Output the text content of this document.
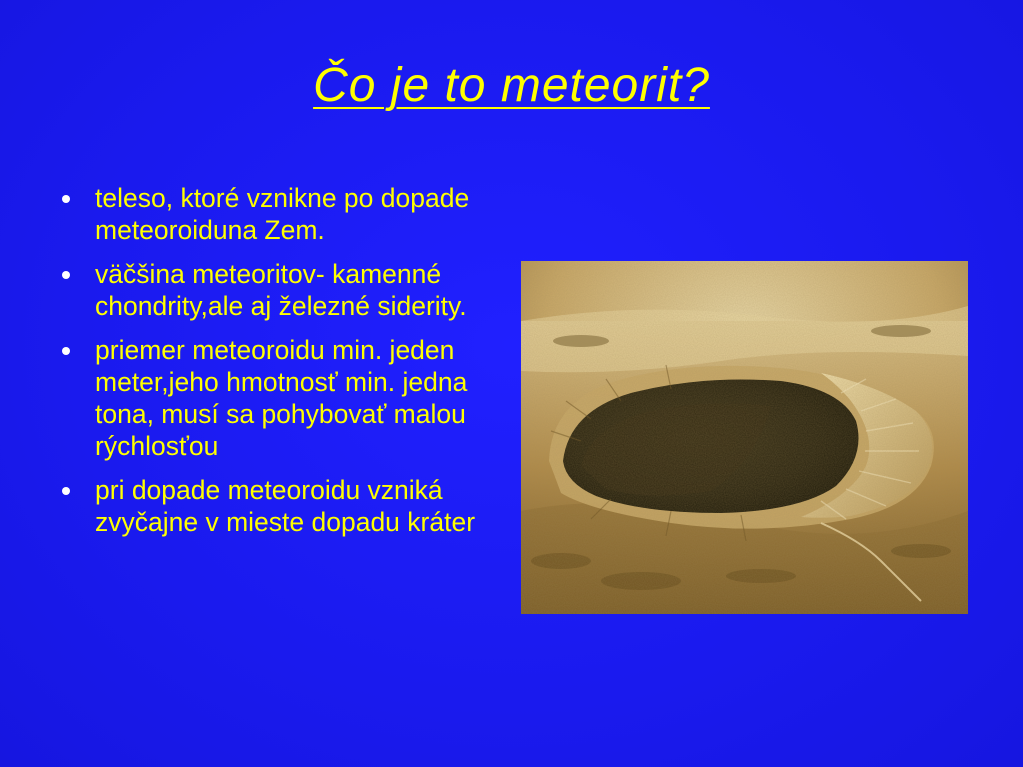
Čo je to meteorit?
teleso, ktoré vznikne po dopade meteoroiduna Zem.
väčšina meteoritov- kamenné chondrity,ale aj železné siderity.
priemer meteoroidu min. jeden meter,jeho hmotnosť min. jedna tona, musí sa pohybovať malou rýchlosťou
pri dopade meteoroidu vzniká zvyčajne v mieste dopadu kráter
